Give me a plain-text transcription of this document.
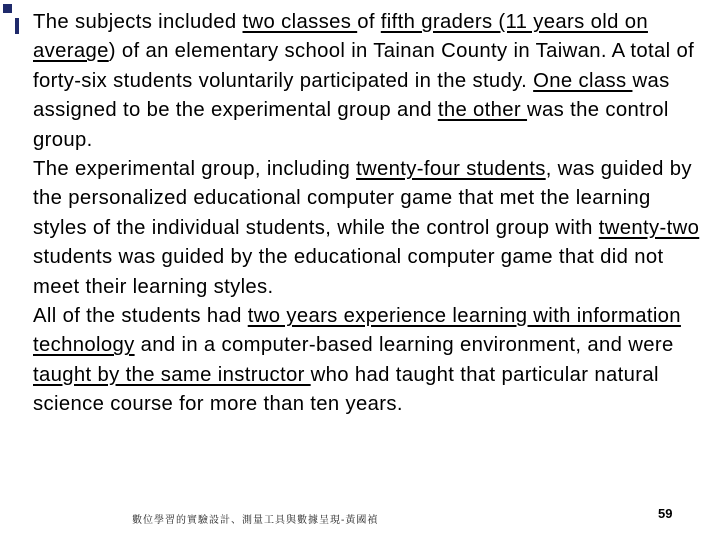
The subjects included two classes of fifth graders (11 years old on average) of an elementary school in Tainan County in Taiwan. A total of forty-six students voluntarily participated in the study. One class was assigned to be the experimental group and the other was the control group.

The experimental group, including twenty-four students, was guided by the personalized educational computer game that met the learning styles of the individual students, while the control group with twenty-two students was guided by the educational computer game that did not meet their learning styles.

All of the students had two years experience learning with information technology and in a computer-based learning environment, and were taught by the same instructor who had taught that particular natural science course for more than ten years.

數位學習的實驗設計、測量工具與數據呈現-黃國禎	59
